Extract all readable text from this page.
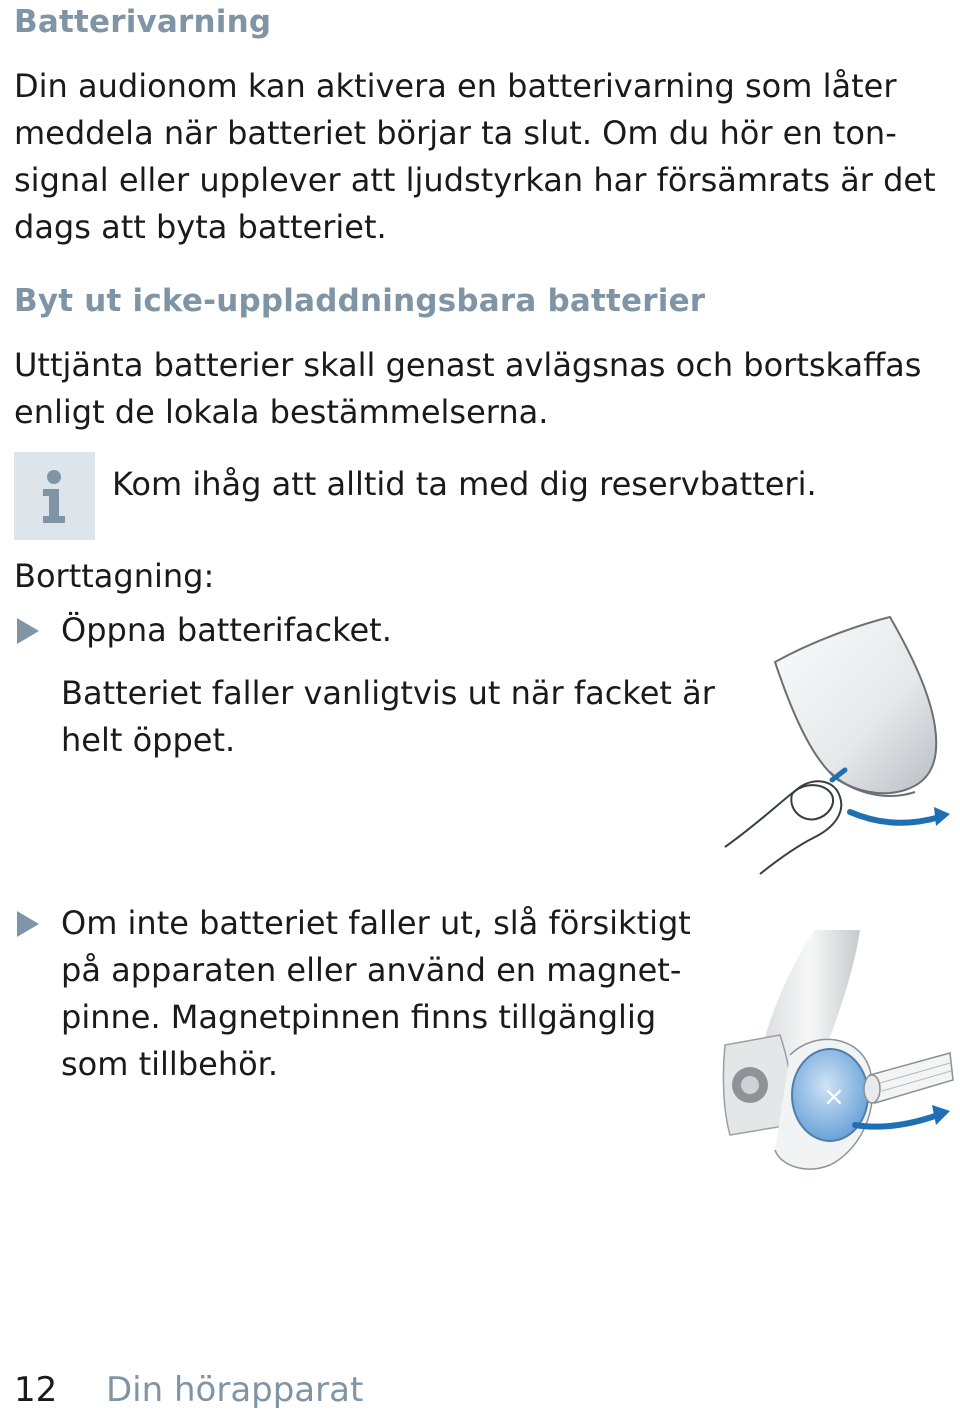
Batterivarning

Din audionom kan aktivera en batterivarning som låter
meddela när batteriet börjar ta slut. Om du hör en ton-
signal eller upplever att ljudstyrkan har försämrats är det
dags att byta batteriet.

Byt ut icke-uppladdningsbara batterier

Uttjänta batterier skall genast avlägsnas och bortskaffas
enligt de lokala bestämmelserna.

Kom ihåg att alltid ta med dig reservbatteri.

Borttagning:

Öppna batterifacket.

Batteriet faller vanligtvis ut när facket är
helt öppet.

Om inte batteriet faller ut, slå försiktigt
på apparaten eller använd en magnet-
pinne. Magnetpinnen finns tillgänglig
som tillbehör.

×
12 Din hörapparat
